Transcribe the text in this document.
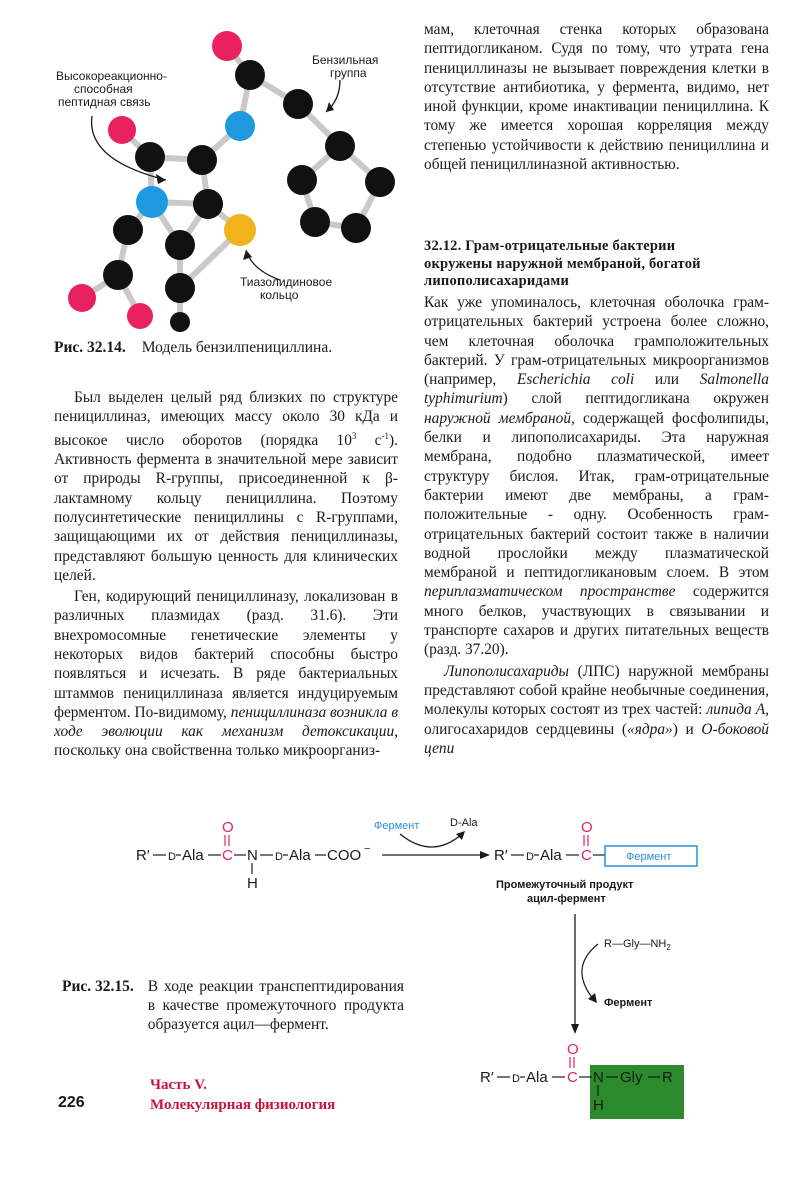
Высокореакционно-
способная
пептидная связь
Бензильная
группа
Тиазолидиновое
кольцо
Рис. 32.14. Модель бензилпенициллина.

Был выделен целый ряд близких по структуре пенициллиназ, имеющих массу около 30 кДа и высокое число оборотов (порядка $10^3$ $с^{-1}$). Активность фермента в значительной мере зависит от природы R-группы, присоединенной к β-лактамному кольцу пенициллина. Поэтому полусинтетические пенициллины с R-группами, защищающими их от действия пенициллиназы, представляют большую ценность для клинических целей.

Ген, кодирующий пенициллиназу, локализован в различных плазмидах (разд. 31.6). Эти внехромосомные генетические элементы у некоторых видов бактерий способны быстро появляться и исчезать. В ряде бактериальных штаммов пенициллиназа является индуцируемым ферментом. По-видимому, пенициллиназа возникла в ходе эволюции как механизм детоксикации, поскольку она свойственна только микроорганиз-

мам, клеточная стенка которых образована пептидогликаном. Судя по тому, что утрата гена пенициллиназы не вызывает повреждения клетки в отсутствие антибиотика, у фермента, видимо, нет иной функции, кроме инактивации пенициллина. К тому же имеется хорошая корреляция между степенью устойчивости к действию пенициллина и общей пенициллиназной активностью.

32.12. Грам-отрицательные бактерии окружены наружной мембраной, богатой липополисахаридами

Как уже упоминалось, клеточная оболочка грам-отрицательных бактерий устроена более сложно, чем клеточная оболочка грамположительных бактерий. У грам-отрицательных микроорганизмов (например, Escherichia coli или Salmonella typhimurium) слой пептидогликана окружен наружной мембраной, содержащей фосфолипиды, белки и липополисахариды. Эта наружная мембрана, подобно плазматической, имеет структуру бислоя. Итак, грам-отрицательные бактерии имеют две мембраны, а грам-положительные - одну. Особенность грам-отрицательных бактерий состоит также в наличии водной прослойки между плазматической мембраной и пептидогликановым слоем. В этом периплазматическом пространстве содержится много белков, участвующих в связывании и транспорте сахаров и других питательных веществ (разд. 37.20).

Липополисахариды (ЛПС) наружной мембраны представляют собой крайне необычные соединения, молекулы которых состоят из трех частей: липида А, олигосахаридов сердцевины («ядра») и О-боковой цепи

R′ D Ala C
O
N
H
D Ala COO −
Фермент	D-Ala
R′ D Ala C
O
Фермент
Промежуточный продукт
ацил-фермент
$R—Gly—NH_2$
Фермент
R′ D Ala C
O
N
H
Gly R
Рис. 32.15. В ходе реакции транспептидирования в качестве промежуточного продукта образуется ацил—фермент.
226
Часть V.
Молекулярная физиология
